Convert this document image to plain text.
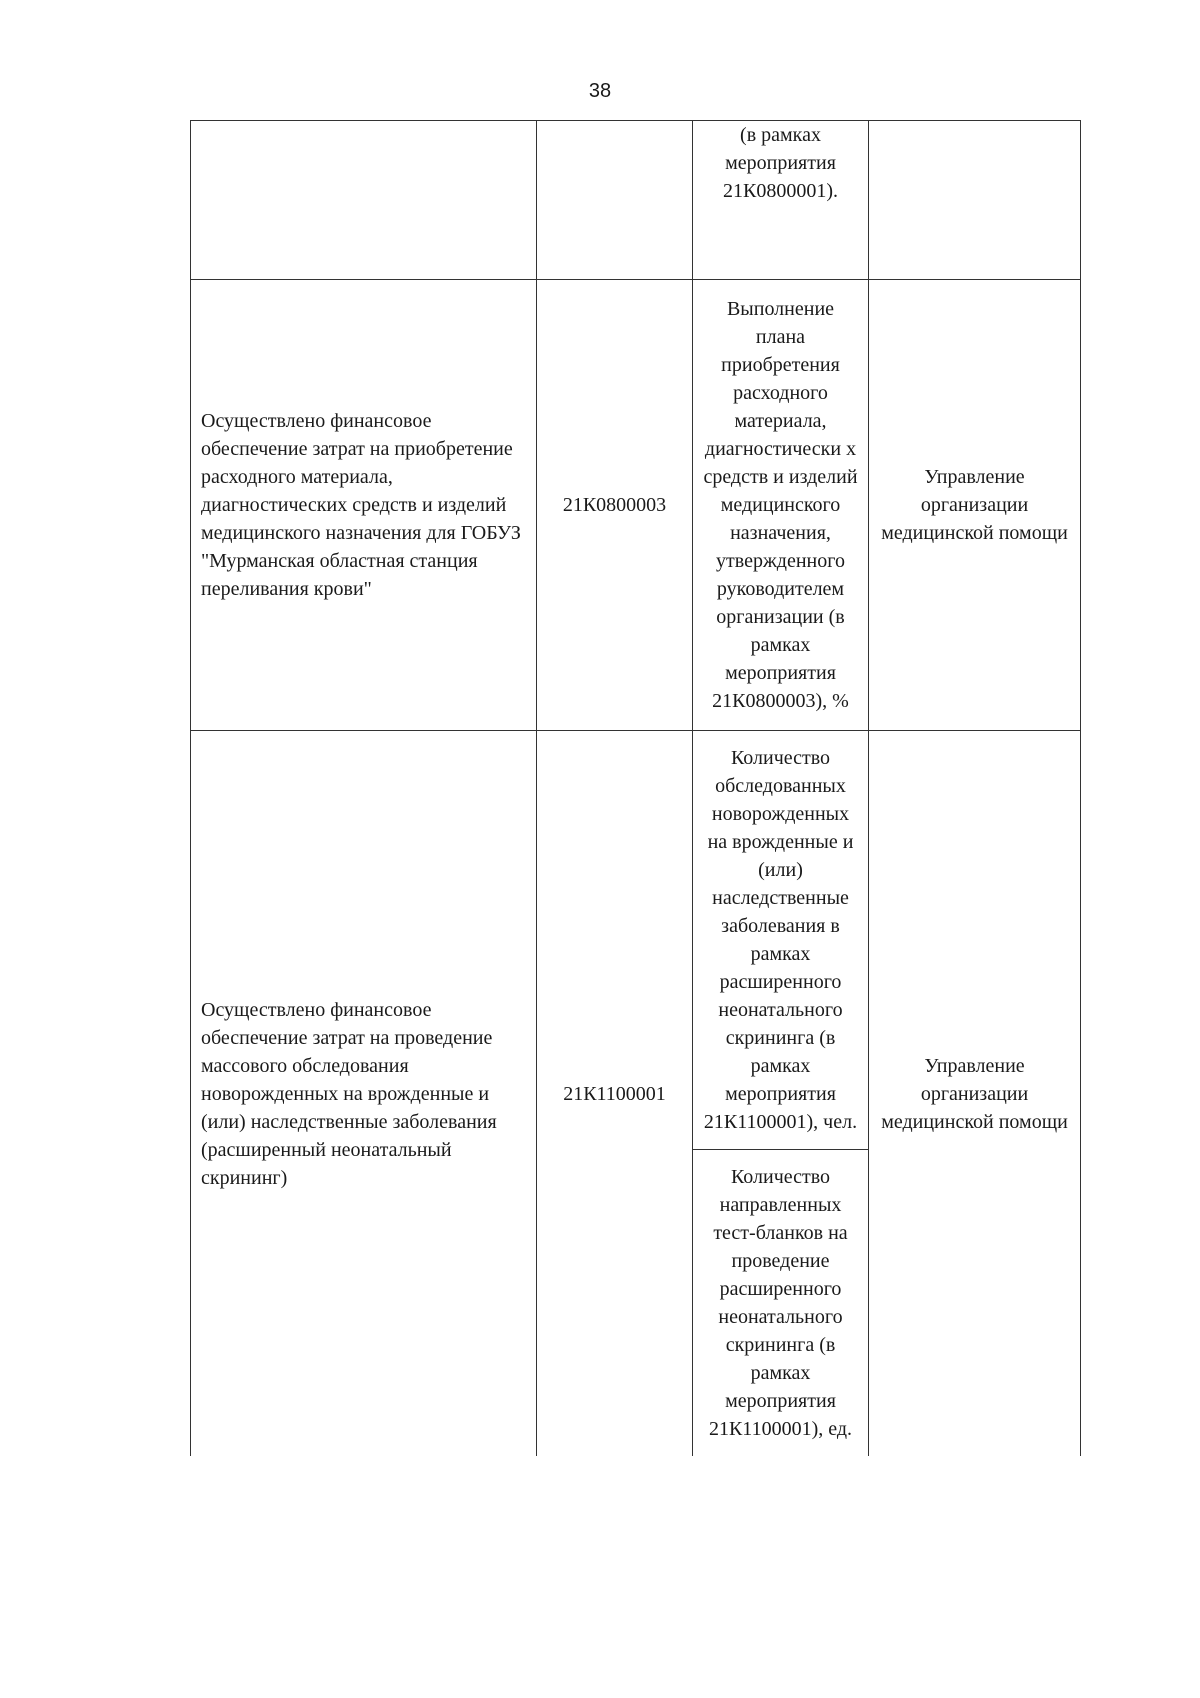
38
		(в рамках мероприятия 21К0800001).	
Осуществлено финансовое обеспечение затрат на приобретение расходного материала, диагностических средств и изделий медицинского назначения для ГОБУЗ "Мурманская областная станция переливания крови"	21К0800003	Выполнение плана приобретения расходного материала, диагностически х средств и изделий медицинского назначения, утвержденного руководителем организации (в рамках мероприятия 21К0800003), %	Управление организации медицинской помощи
Осуществлено финансовое обеспечение затрат на проведение массового обследования новорожденных на врожденные и (или) наследственные заболевания (расширенный неонатальный скрининг)	21К1100001	Количество обследованных новорожденных на врожденные и (или) наследственные заболевания в рамках расширенного неонатального скрининга (в рамках мероприятия 21К1100001), чел.	Управление организации медицинской помощи
		Количество направленных тест-бланков на проведение расширенного неонатального скрининга (в рамках мероприятия 21К1100001), ед.	
